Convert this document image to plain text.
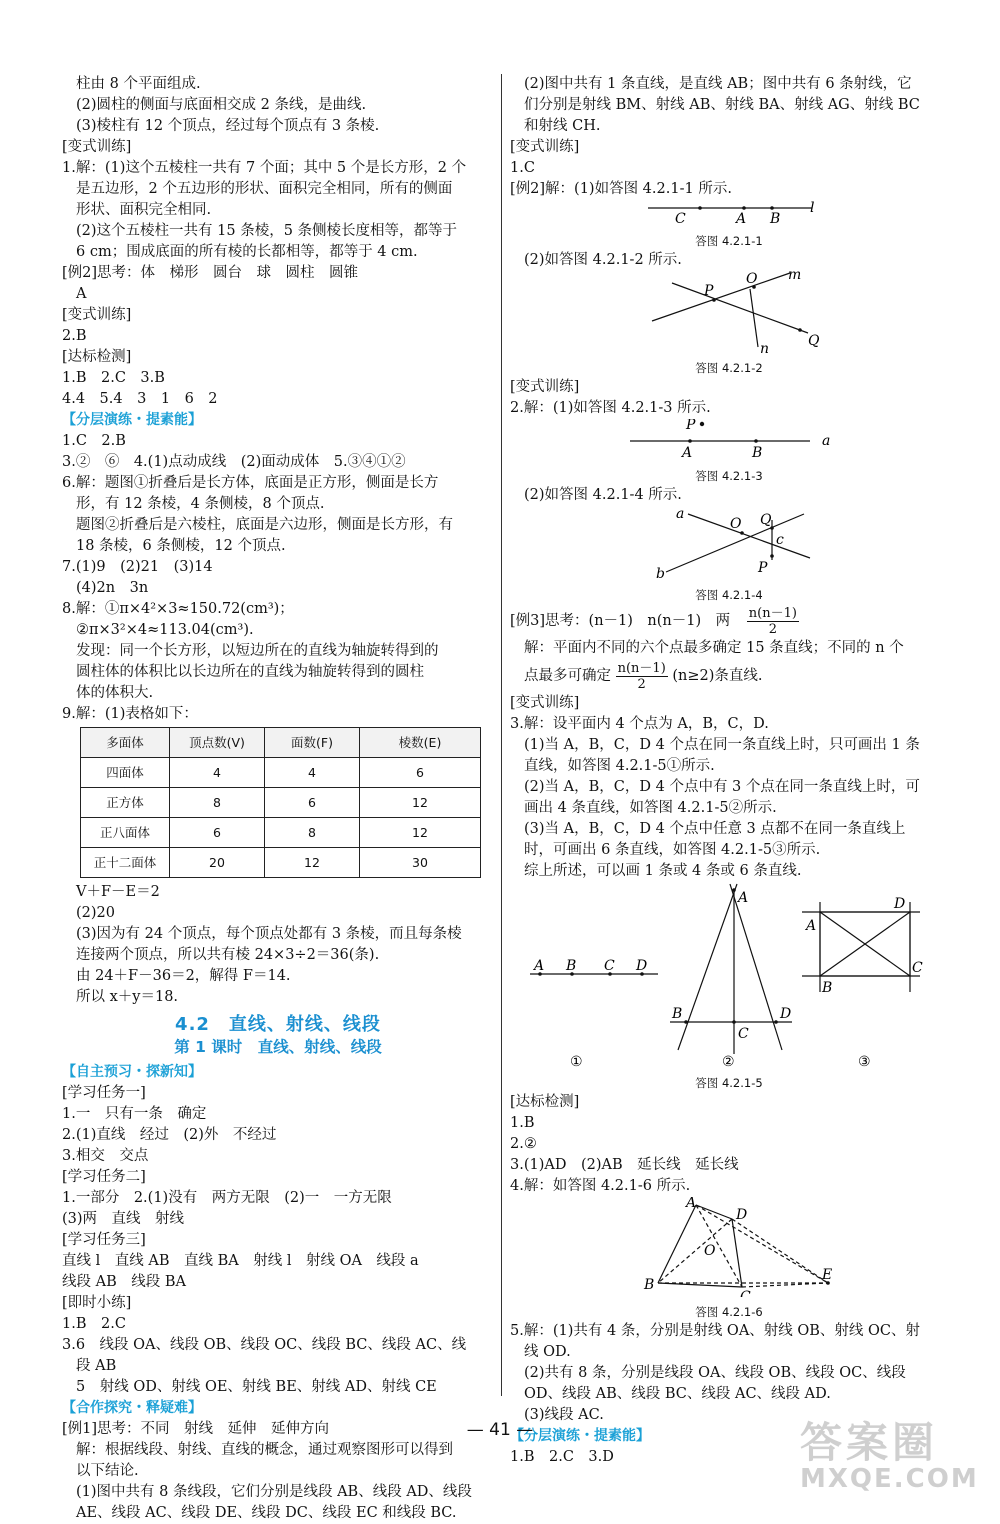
柱由 8 个平面组成.
(2)圆柱的侧面与底面相交成 2 条线，是曲线.
(3)棱柱有 12 个顶点，经过每个顶点有 3 条棱.
[变式训练]
1.解：(1)这个五棱柱一共有 7 个面；其中 5 个是长方形，2 个
是五边形，2 个五边形的形状、面积完全相同，所有的侧面
形状、面积完全相同.
(2)这个五棱柱一共有 15 条棱，5 条侧棱长度相等，都等于
6 cm；围成底面的所有棱的长都相等，都等于 4 cm.
[例2]思考：体　梯形　圆台　球　圆柱　圆锥
A
[变式训练]
2.B
[达标检测]
1.B　2.C　3.B
4.4　5.4　3　1　6　2
【分层演练・提素能】
1.C　2.B
3.②　⑥　4.(1)点动成线　(2)面动成体　5.③④①②
6.解：题图①折叠后是长方体，底面是正方形，侧面是长方
形，有 12 条棱，4 条侧棱，8 个顶点.
题图②折叠后是六棱柱，底面是六边形，侧面是长方形，有
18 条棱，6 条侧棱，12 个顶点.
7.(1)9　(2)21　(3)14
(4)2n　3n
8.解：①π×4²×3≈150.72(cm³)；
②π×3²×4≈113.04(cm³).
发现：同一个长方形，以短边所在的直线为轴旋转得到的
圆柱体的体积比以长边所在的直线为轴旋转得到的圆柱
体的体积大.
9.解：(1)表格如下：
多面体	顶点数(V)	面数(F)	棱数(E)
四面体	4	4	6
正方体	8	6	12
正八面体	6	8	12
正十二面体	20	12	30
V＋F－E＝2
(2)20
(3)因为有 24 个顶点，每个顶点处都有 3 条棱，而且每条棱
连接两个顶点，所以共有棱 24×3÷2＝36(条).
由 24＋F－36＝2，解得 F＝14.
所以 x＋y＝18.
4.2　直线、射线、线段
第 1 课时　直线、射线、线段
【自主预习・探新知】
[学习任务一]
1.一　只有一条　确定
2.(1)直线　经过　(2)外　不经过
3.相交　交点
[学习任务二]
1.一部分　2.(1)没有　两方无限　(2)一　一方无限
(3)两　直线　射线
[学习任务三]
直线 l　直线 AB　直线 BA　射线 l　射线 OA　线段 a
线段 AB　线段 BA
[即时小练]
1.B　2.C
3.6　线段 OA、线段 OB、线段 OC、线段 BC、线段 AC、线
段 AB
5　射线 OD、射线 OE、射线 BE、射线 AD、射线 CE
【合作探究・释疑难】
[例1]思考：不同　射线　延伸　延伸方向
解：根据线段、射线、直线的概念，通过观察图形可以得到
以下结论.
(1)图中共有 8 条线段，它们分别是线段 AB、线段 AD、线段
AE、线段 AC、线段 DE、线段 DC、线段 EC 和线段 BC.
(2)图中共有 1 条直线，是直线 AB；图中共有 6 条射线，它
们分别是射线 BM、射线 AB、射线 BA、射线 AG、射线 BC
和射线 CH.
[变式训练]
1.C
[例2]解：(1)如答图 4.2.1-1 所示.
C	A B
l
答图 4.2.1-1
(2)如答图 4.2.1-2 所示.
P
O m
Q
n
答图 4.2.1-2
[变式训练]
2.解：(1)如答图 4.2.1-3 所示.
P
A	B
a
答图 4.2.1-3
(2)如答图 4.2.1-4 所示.
a
O Q
c
P
b
答图 4.2.1-4
[例3]思考：(n－1)　n(n－1)　两 $\frac{n(n-1)}{2}$
解：平面内不同的六个点最多确定 15 条直线；不同的 n 个
点最多可确定 $\frac{n(n-1)}{2} (n\ge 2)$条直线.
[变式训练]
3.解：设平面内 4 个点为 A，B，C，D.
(1)当 A，B，C，D 4 个点在同一条直线上时，只可画出 1 条
直线，如答图 4.2.1-5①所示.
(2)当 A，B，C，D 4 个点中有 3 个点在同一条直线上时，可
画出 4 条直线，如答图 4.2.1-5②所示.
(3)当 A，B，C，D 4 个点中任意 3 点都不在同一条直线上
时，可画出 6 条直线，如答图 4.2.1-5③所示.
综上所述，可以画 1 条或 4 条或 6 条直线.
A B C D
A
B
C
D
A
D
C
B
①	②	③
答图 4.2.1-5
[达标检测]
1.B
2.②
3.(1)AD　(2)AB　延长线　延长线
4.解：如答图 4.2.1-6 所示.
A
D
O
B
C
E
答图 4.2.1-6
5.解：(1)共有 4 条，分别是射线 OA、射线 OB、射线 OC、射
线 OD.
(2)共有 8 条，分别是线段 OA、线段 OB、线段 OC、线段
OD、线段 AB、线段 BC、线段 AC、线段 AD.
(3)线段 AC.
【分层演练・提素能】
1.B　2.C　3.D
— 41 —	答案圈
MXQE.COM
